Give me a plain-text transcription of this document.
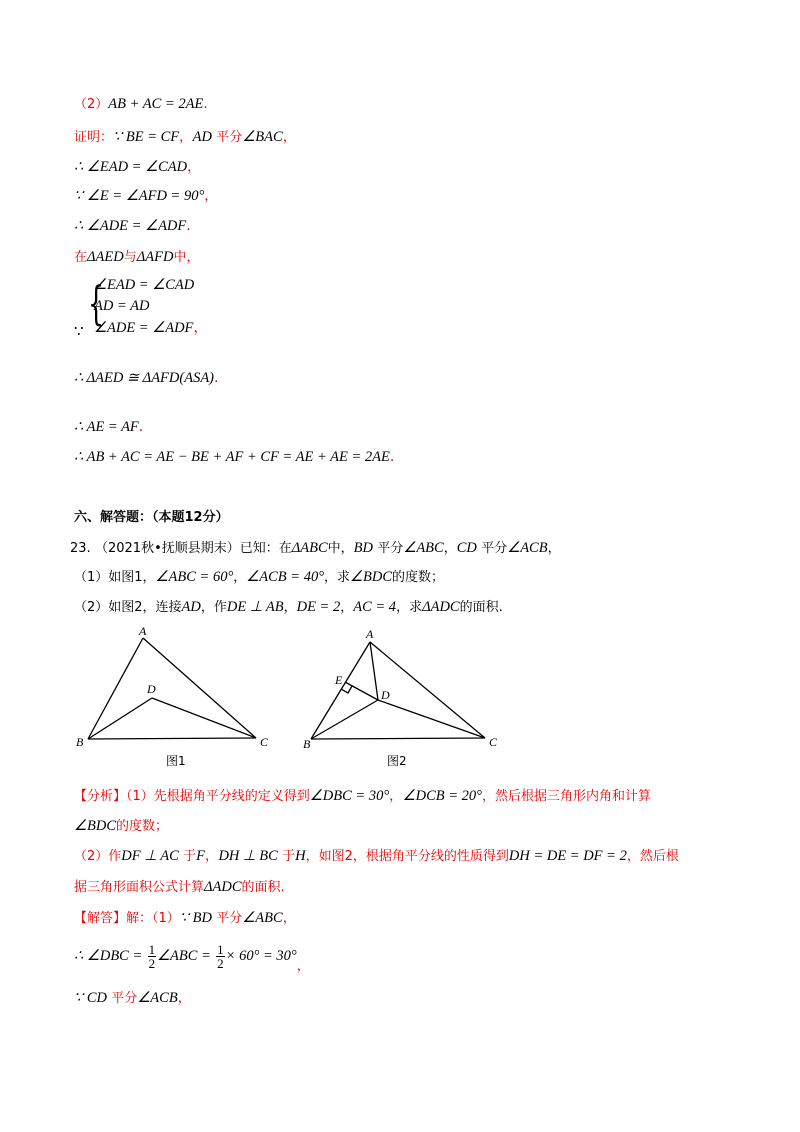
（2）AB + AC = 2AE.
证明：∵ BE = CF，AD 平分∠BAC，
∴ ∠EAD = ∠CAD，
∵ ∠E = ∠AFD = 90°，
∴ ∠ADE = ∠ADF.
在ΔAED与ΔAFD中，
{
∠EAD = ∠CAD
AD = AD
∠ADE = ∠ADF，
∵
∴ ΔAED ≅ ΔAFD(ASA).
∴ AE = AF.
∴ AB + AC = AE − BE + AF + CF = AE + AE = 2AE.
六、解答题：（本题12分）
23. （2021秋•抚顺县期末）已知：在ΔABC中，BD 平分∠ABC，CD 平分∠ACB，
（1）如图1，∠ABC = 60°，∠ACB = 40°，求∠BDC的度数；
（2）如图2，连接AD，作DE ⊥ AB，DE = 2，AC = 4，求ΔADC的面积.
A
B	C
D
图1
A
B	C
D
E
图2
【分析】（1）先根据角平分线的定义得到∠DBC = 30°，∠DCB = 20°，然后根据三角形内角和计算
∠BDC的度数；
（2）作DF ⊥ AC 于F，DH ⊥ BC 于H，如图2，根据角平分线的性质得到DH = DE = DF = 2，然后根
据三角形面积公式计算ΔADC的面积.
【解答】解：（1）∵ BD 平分∠ABC，
∴ ∠DBC = $\frac{1}{2}$ ∠ABC = $\frac{1}{2} \times 60^\circ = 30^\circ$，
∵ CD 平分∠ACB，
